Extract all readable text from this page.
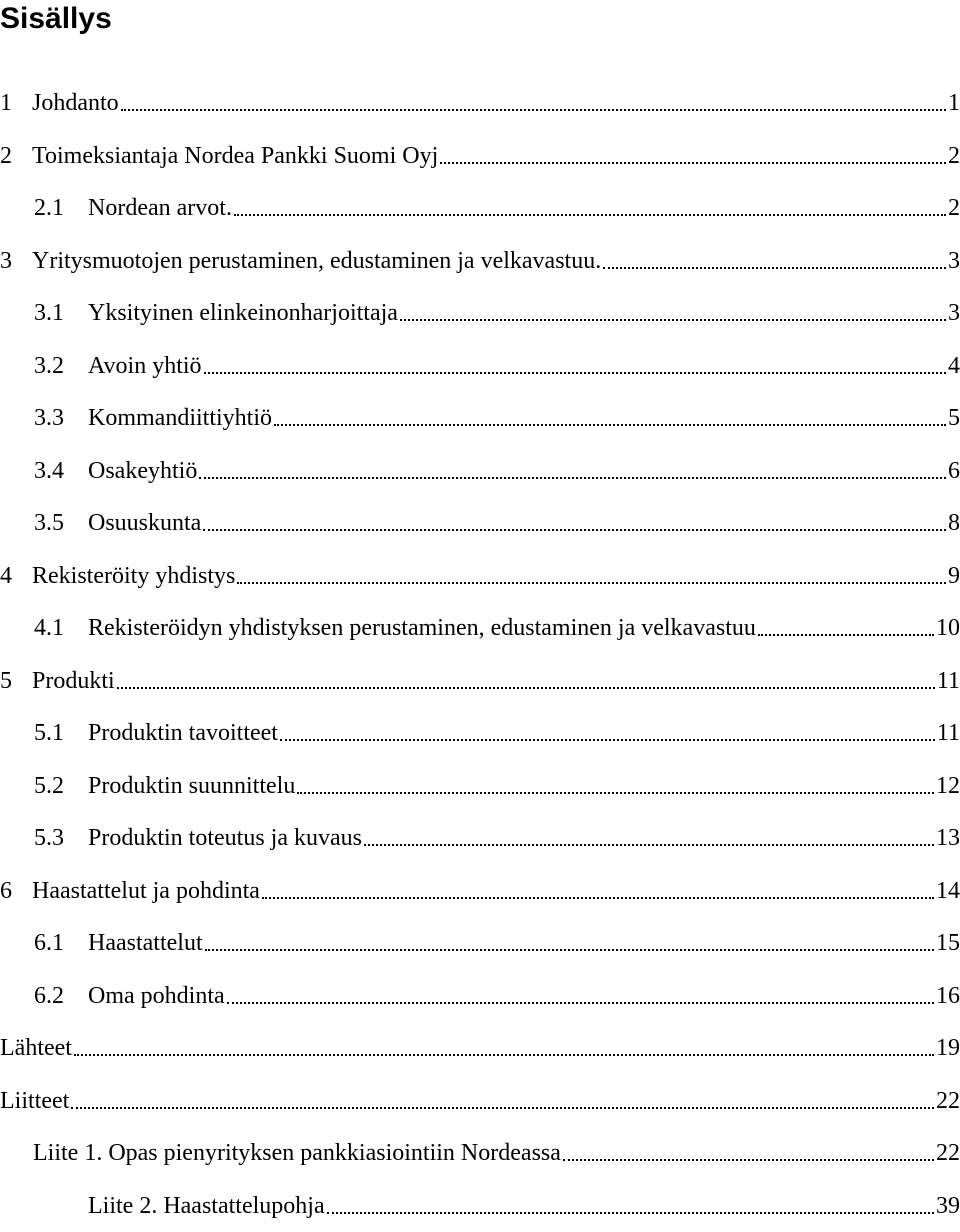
Sisällys
1 Johdanto	1
2 Toimeksiantaja Nordea Pankki Suomi Oyj	2
2.1 Nordean arvot.	2
3 Yritysmuotojen perustaminen, edustaminen ja velkavastuu.	3
3.1 Yksityinen elinkeinonharjoittaja	3
3.2 Avoin yhtiö	4
3.3 Kommandiittiyhtiö	5
3.4 Osakeyhtiö	6
3.5 Osuuskunta	8
4 Rekisteröity yhdistys	9
4.1 Rekisteröidyn yhdistyksen perustaminen, edustaminen ja velkavastuu	10
5 Produkti	11
5.1 Produktin tavoitteet	11
5.2 Produktin suunnittelu	12
5.3 Produktin toteutus ja kuvaus	13
6 Haastattelut ja pohdinta	14
6.1 Haastattelut	15
6.2 Oma pohdinta	16
Lähteet	19
Liitteet	22
Liite 1. Opas pienyrityksen pankkiasiointiin Nordeassa	22
Liite 2. Haastattelupohja	39
